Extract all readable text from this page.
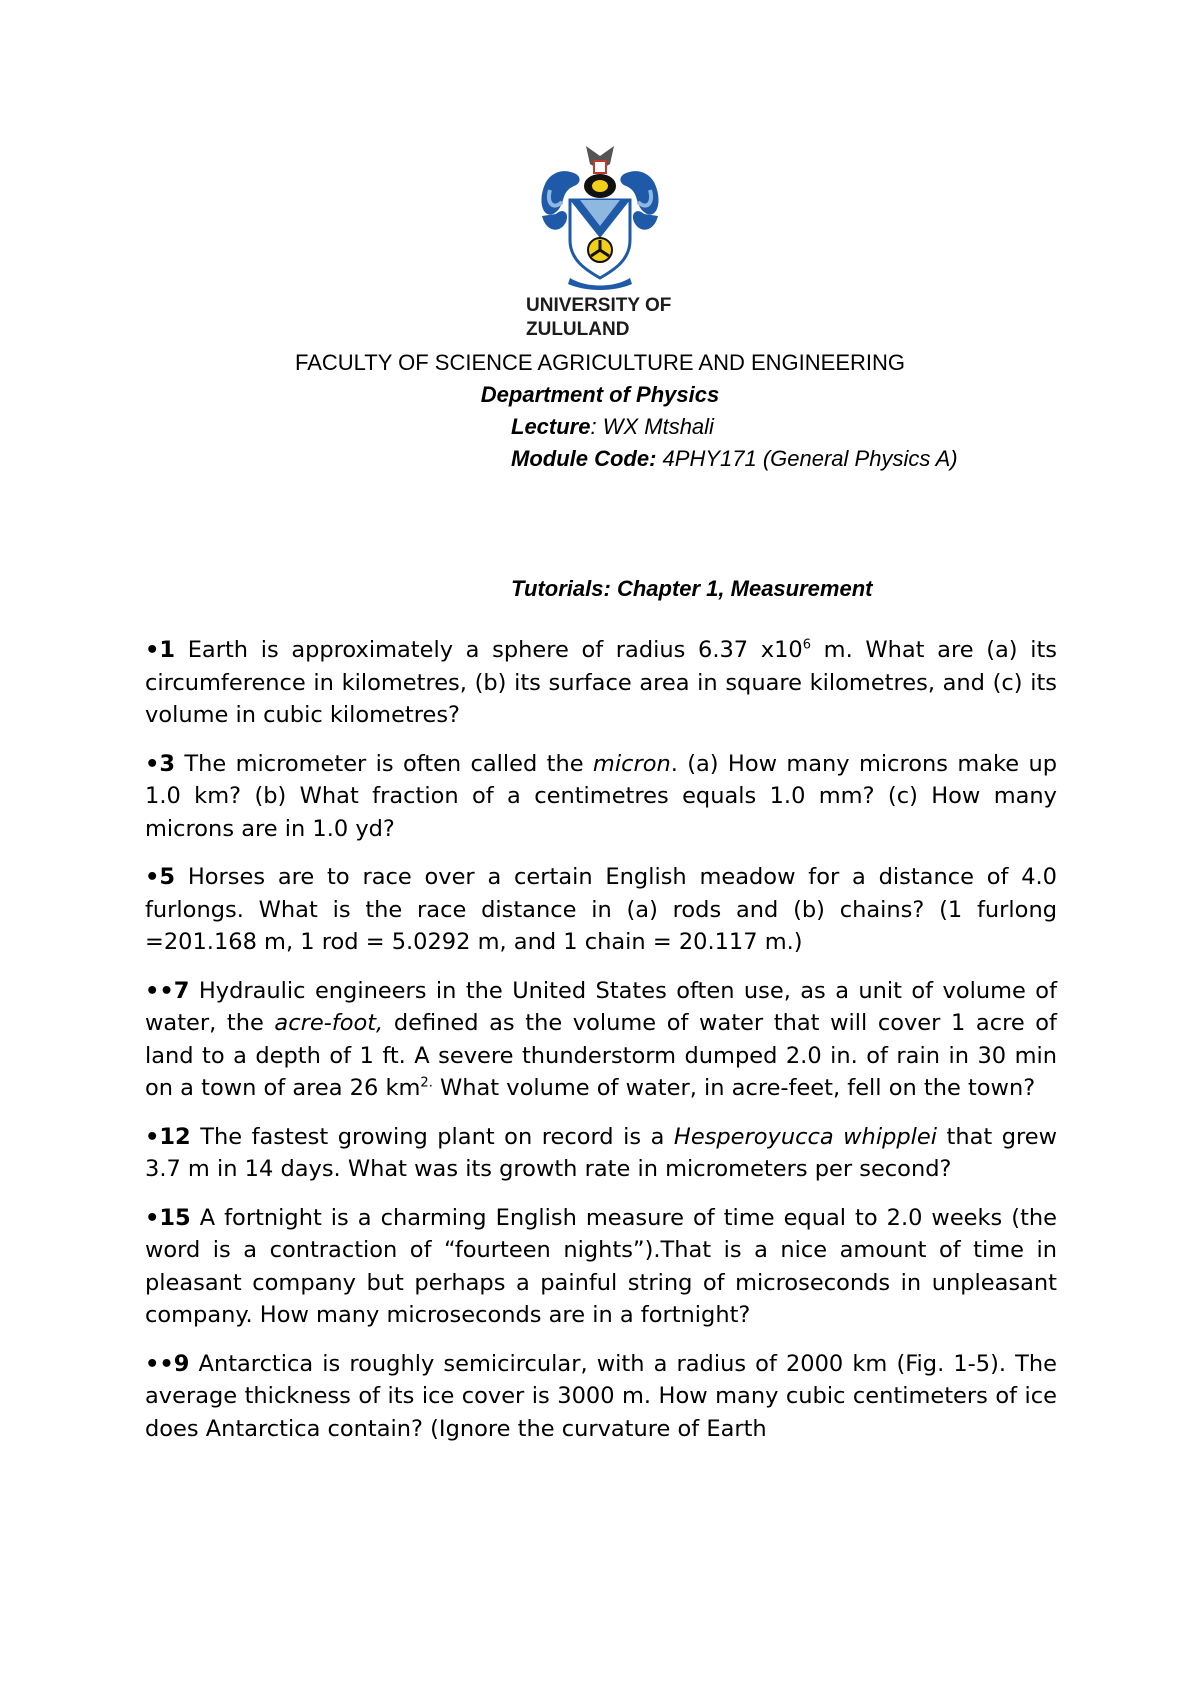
UNIVERSITY OF
ZULULAND
FACULTY OF SCIENCE AGRICULTURE AND ENGINEERING
Department of Physics
Lecture: WX Mtshali
Module Code: 4PHY171 (General Physics A)
Tutorials: Chapter 1, Measurement

•1 Earth is approximately a sphere of radius 6.37 $x10^6$ m. What are (a) its circumference in kilometres, (b) its surface area in square kilometres, and (c) its volume in cubic kilometres?

•3 The micrometer is often called the micron. (a) How many microns make up 1.0 km? (b) What fraction of a centimetres equals 1.0 mm? (c) How many microns are in 1.0 yd?

•5 Horses are to race over a certain English meadow for a distance of 4.0 furlongs. What is the race distance in (a) rods and (b) chains? (1 furlong =201.168 m, 1 rod = 5.0292 m, and 1 chain = 20.117 m.)

••7 Hydraulic engineers in the United States often use, as a unit of volume of water, the acre-foot, defined as the volume of water that will cover 1 acre of land to a depth of 1 ft. A severe thunderstorm dumped 2.0 in. of rain in 30 min on a town of area 26 $km^{2.}$ What volume of water, in acre-feet, fell on the town?

•12 The fastest growing plant on record is a Hesperoyucca whipplei that grew 3.7 m in 14 days. What was its growth rate in micrometers per second?

•15 A fortnight is a charming English measure of time equal to 2.0 weeks (the word is a contraction of “fourteen nights”).That is a nice amount of time in pleasant company but perhaps a painful string of microseconds in unpleasant company. How many microseconds are in a fortnight?

••9 Antarctica is roughly semicircular, with a radius of 2000 km (Fig. 1-5). The average thickness of its ice cover is 3000 m. How many cubic centimeters of ice does Antarctica contain? (Ignore the curvature of Earth
